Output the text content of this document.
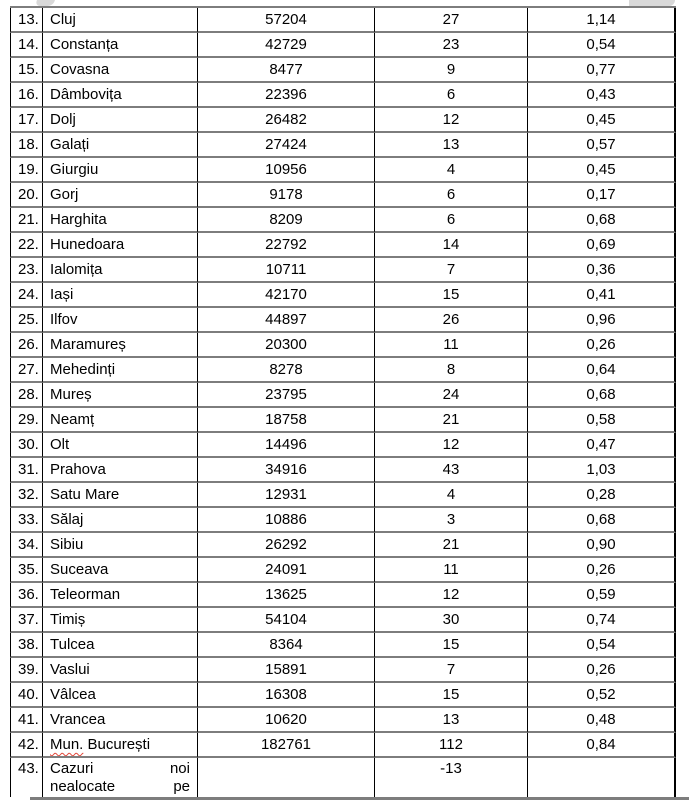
13.	Cluj	57204	27	1,14
14.	Constanța	42729	23	0,54
15.	Covasna	8477	9	0,77
16.	Dâmbovița	22396	6	0,43
17.	Dolj	26482	12	0,45
18.	Galați	27424	13	0,57
19.	Giurgiu	10956	4	0,45
20.	Gorj	9178	6	0,17
21.	Harghita	8209	6	0,68
22.	Hunedoara	22792	14	0,69
23.	Ialomița	10711	7	0,36
24.	Iași	42170	15	0,41
25.	Ilfov	44897	26	0,96
26.	Maramureș	20300	11	0,26
27.	Mehedinți	8278	8	0,64
28.	Mureș	23795	24	0,68
29.	Neamț	18758	21	0,58
30.	Olt	14496	12	0,47
31.	Prahova	34916	43	1,03
32.	Satu Mare	12931	4	0,28
33.	Sălaj	10886	3	0,68
34.	Sibiu	26292	21	0,90
35.	Suceava	24091	11	0,26
36.	Teleorman	13625	12	0,59
37.	Timiș	54104	30	0,74
38.	Tulcea	8364	15	0,54
39.	Vaslui	15891	7	0,26
40.	Vâlcea	16308	15	0,52
41.	Vrancea	10620	13	0,48
42.	Mun. București	182761	112	0,84
43.	Cazuri noi
nealocate pe		-13	
